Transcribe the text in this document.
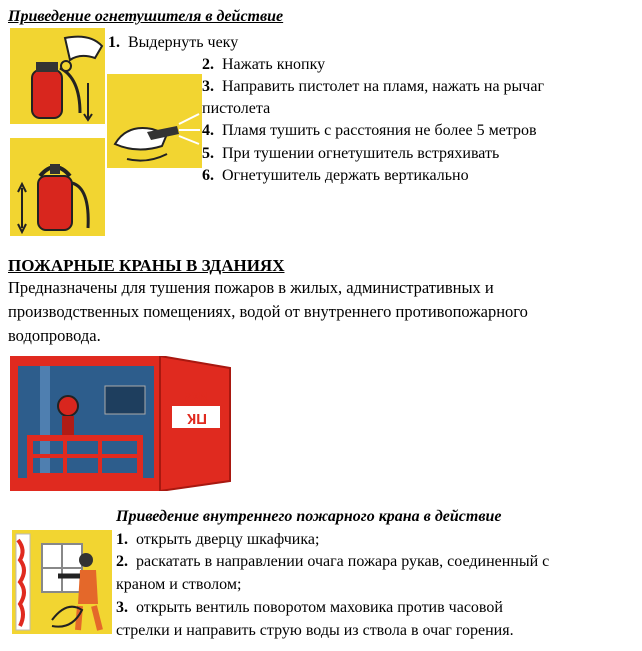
Приведение огнетушителя в действие
1. Выдернуть чеку
2. Нажать кнопку
3. Направить пистолет на пламя, нажать на рычаг
пистолета
4. Пламя тушить с расстояния не более 5 метров
5. При тушении огнетушитель встряхивать
6. Огнетушитель держать вертикально
ПОЖАРНЫЕ КРАНЫ В ЗДАНИЯХ
Предназначены для тушения пожаров в жилых, административных и
производственных помещениях, водой от внутреннего противопожарного
водопровода.
ПК №2
Приведение внутреннего пожарного крана в действие
1. открыть дверцу шкафчика;
2. раскатать в направлении очага пожара рукав, соединенный с
краном и стволом;
3. открыть вентиль поворотом маховика против часовой
стрелки и направить струю воды из ствола в очаг горения.
